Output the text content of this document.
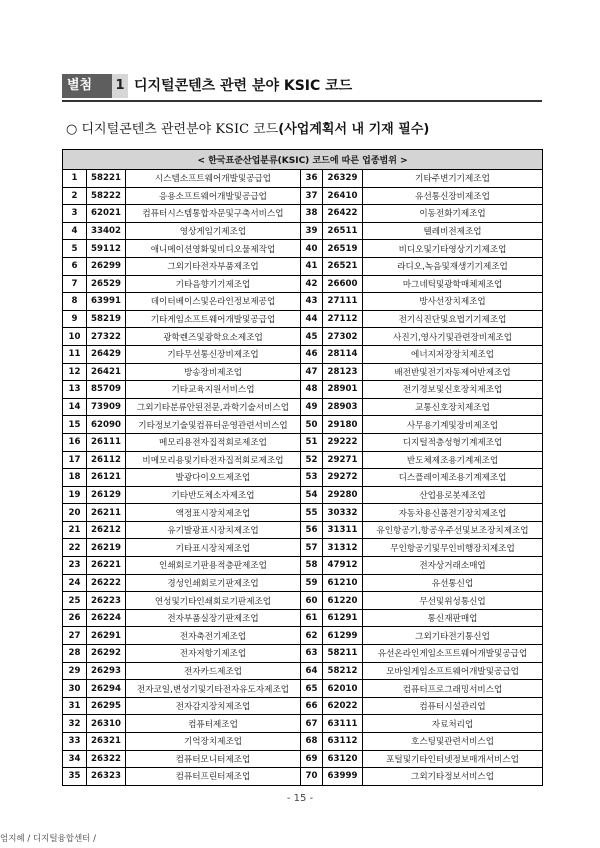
별첨	1 디지털콘텐츠 관련 분야 KSIC 코드
○ 디지털콘텐츠 관련분야 KSIC 코드(사업계획서 내 기재 필수)
< 한국표준산업분류(KSIC) 코드에 따른 업종범위 >					
1	58221	시스템소프트웨어개발및공급업	36	26329	기타주변기기제조업
2	58222	응용소프트웨어개발및공급업	37	26410	유선통신장비제조업
3	62021	컴퓨터시스템통합자문및구축서비스업	38	26422	이동전화기제조업
4	33402	영상게임기제조업	39	26511	텔레비전제조업
5	59112	애니메이션영화및비디오물제작업	40	26519	비디오및기타영상기기제조업
6	26299	그외기타전자부품제조업	41	26521	라디오,녹음및재생기기제조업
7	26529	기타음향기기제조업	42	26600	마그네틱및광학매체제조업
8	63991	데이터베이스및온라인정보제공업	43	27111	방사선장치제조업
9	58219	기타게임소프트웨어개발및공급업	44	27112	전기식진단및요법기기제조업
10	27322	광학렌즈및광학요소제조업	45	27302	사진기,영사기및관련장비제조업
11	26429	기타무선통신장비제조업	46	28114	에너지저장장치제조업
12	26421	방송장비제조업	47	28123	배전반및전기자동제어반제조업
13	85709	기타교육지원서비스업	48	28901	전기경보및신호장치제조업
14	73909	그외기타분류안된전문,과학기술서비스업	49	28903	교통신호장치제조업
15	62090	기타정보기술및컴퓨터운영관련서비스업	50	29180	사무용기계및장비제조업
16	26111	메모리용전자집적회로제조업	51	29222	디지털적층성형기계제조업
17	26112	비메모리용및기타전자집적회로제조업	52	29271	반도체제조용기계제조업
18	26121	발광다이오드제조업	53	29272	디스플레이제조용기계제조업
19	26129	기타반도체소자제조업	54	29280	산업용로봇제조업
20	26211	액정표시장치제조업	55	30332	자동차용신품전기장치제조업
21	26212	유기발광표시장치제조업	56	31311	유인항공기,항공우주선및보조장치제조업
22	26219	기타표시장치제조업	57	31312	무인항공기및무인비행장치제조업
23	26221	인쇄회로기판용적층판제조업	58	47912	전자상거래소매업
24	26222	경성인쇄회로기판제조업	59	61210	유선통신업
25	26223	연성및기타인쇄회로기판제조업	60	61220	무선및위성통신업
26	26224	전자부품실장기판제조업	61	61291	통신재판매업
27	26291	전자축전기제조업	62	61299	그외기타전기통신업
28	26292	전자저항기제조업	63	58211	유선온라인게임소프트웨어개발및공급업
29	26293	전자카드제조업	64	58212	모바일게임소프트웨어개발및공급업
30	26294	전자코일,변성기및기타전자유도자제조업	65	62010	컴퓨터프로그래밍서비스업
31	26295	전자감지장치제조업	66	62022	컴퓨터시설관리업
32	26310	컴퓨터제조업	67	63111	자료처리업
33	26321	기억장치제조업	68	63112	호스팅및관련서비스업
34	26322	컴퓨터모니터제조업	69	63120	포털및기타인터넷정보매개서비스업
35	26323	컴퓨터프린터제조업	70	63999	그외기타정보서비스업
- 15 -
엄지혜 / 디지털융합센터 /
